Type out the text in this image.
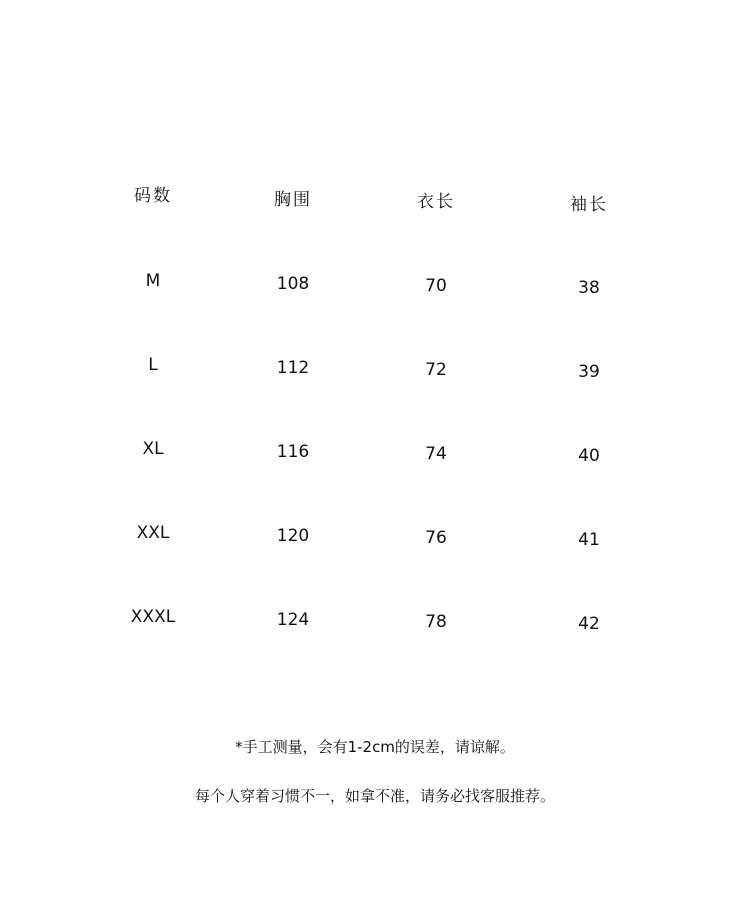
码数	胸围	衣长	袖长
M	108	70	38
L	112	72	39
XL	116	74	40
XXL	120	76	41
XXXL	124	78	42
*手工测量，会有1-2cm的误差，请谅解。
每个人穿着习惯不一，如拿不准，请务必找客服推荐。
